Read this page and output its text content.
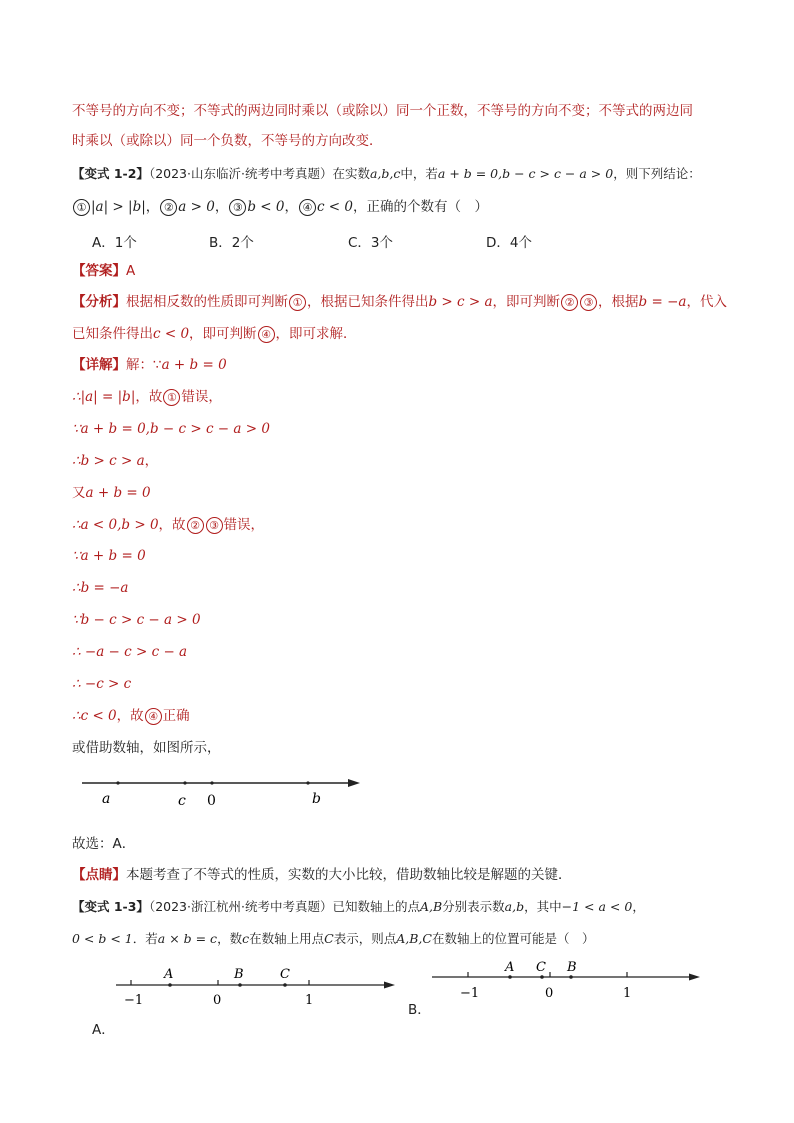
不等号的方向不变；不等式的两边同时乘以（或除以）同一个正数，不等号的方向不变；不等式的两边同
时乘以（或除以）同一个负数，不等号的方向改变．
【变式 1-2】（2023·山东临沂·统考中考真题）在实数a,b,c中，若a + b = 0,b − c > c − a > 0，则下列结论：
① |a| > |b|， ② a > 0， ③ b < 0， ④ c < 0，正确的个数有（　）
A．1个	B．2个	C．3个	D．4个
【答案】A
【分析】根据相反数的性质即可判断 ① ，根据已知条件得出b > c > a，即可判断 ② ③ ，根据b = −a，代入
已知条件得出c < 0，即可判断 ④ ，即可求解．
【详解】解：∵a + b = 0
∴|a| = |b|，故 ① 错误，
∵a + b = 0,b − c > c − a > 0
∴b > c > a，
又a + b = 0
∴a < 0,b > 0，故 ② ③ 错误，
∵a + b = 0
∴b = −a
∵b − c > c − a > 0
∴ −a − c > c − a
∴ −c > c
∴c < 0，故 ④ 正确
或借助数轴，如图所示，
a	c 0	b
故选：A．
【点睛】本题考查了不等式的性质，实数的大小比较，借助数轴比较是解题的关键．
【变式 1-3】（2023·浙江杭州·统考中考真题）已知数轴上的点A,B分别表示数a,b，其中−1 < a < 0，
0 < b < 1．若a × b = c，数c在数轴上用点C表示，则点A,B,C在数轴上的位置可能是（　）
A．
A	B	C
−1	0	1
B．
A C B
−1	0	1
